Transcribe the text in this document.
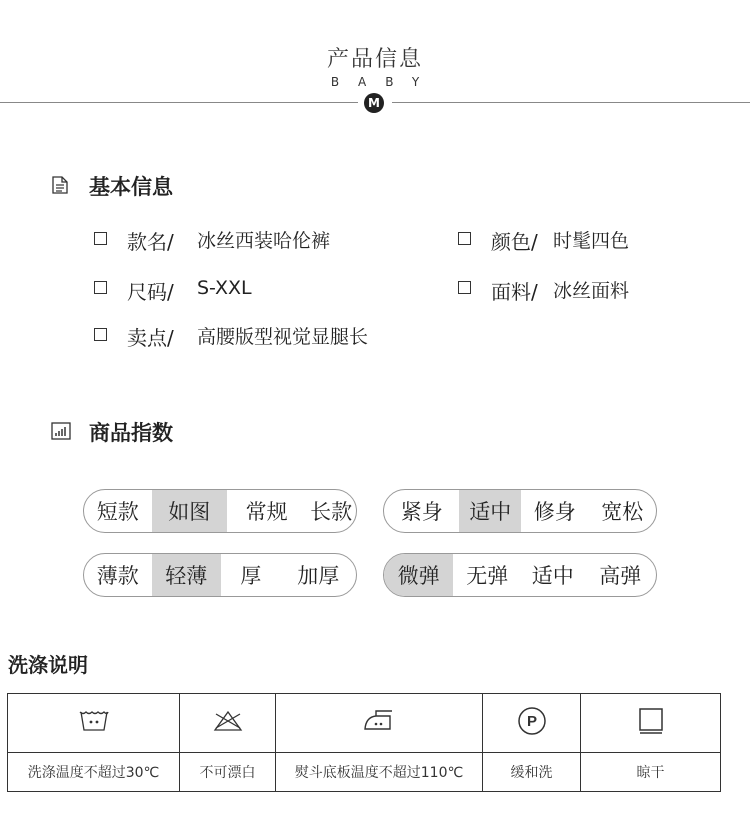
产品信息
BABY
M
基本信息
款名/ 冰丝西装哈伦裤	颜色/ 时髦四色
尺码/ S-XXL	面料/ 冰丝面料
卖点/ 高腰版型视觉显腿长
商品指数
短款	如图	常规	长款	紧身	适中	修身	宽松
薄款	轻薄	厚	加厚	微弹	无弹	适中	高弹
洗涤说明

P

洗涤温度不超过30℃	不可漂白	熨斗底板温度不超过110℃	缓和洗	晾干
